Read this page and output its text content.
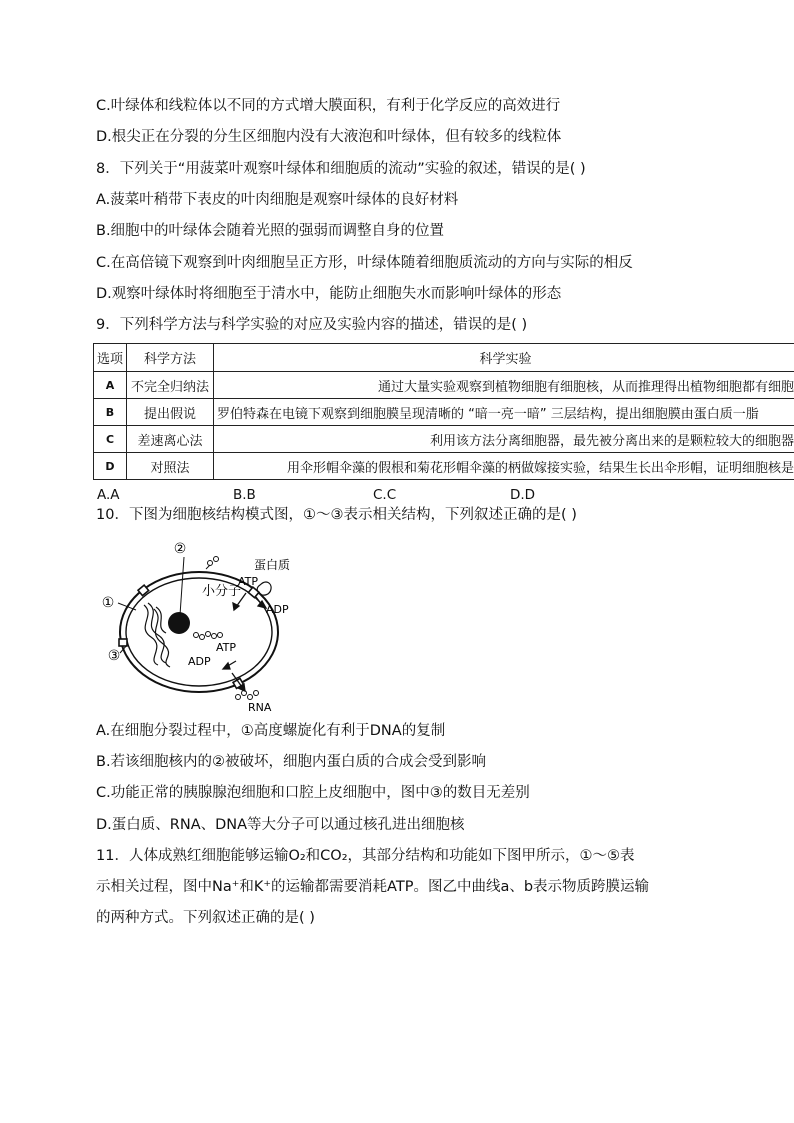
C.叶绿体和线粒体以不同的方式增大膜面积，有利于化学反应的高效进行
D.根尖正在分裂的分生区细胞内没有大液泡和叶绿体，但有较多的线粒体
8．下列关于“用菠菜叶观察叶绿体和细胞质的流动”实验的叙述，错误的是( )
A.菠菜叶稍带下表皮的叶肉细胞是观察叶绿体的良好材料
B.细胞中的叶绿体会随着光照的强弱而调整自身的位置
C.在高倍镜下观察到叶肉细胞呈正方形，叶绿体随着细胞质流动的方向与实际的相反
D.观察叶绿体时将细胞至于清水中，能防止细胞失水而影响叶绿体的形态
9．下列科学方法与科学实验的对应及实验内容的描述，错误的是( )
选项	科学方法	科学实验
A	不完全归纳法	通过大量实验观察到植物细胞有细胞核，从而推理得出植物细胞都有细胞
B	提出假说	罗伯特森在电镜下观察到细胞膜呈现清晰的 “暗一亮一暗” 三层结构，提出细胞膜由蛋白质一脂
C	差速离心法	利用该方法分离细胞器，最先被分离出来的是颗粒较大的细胞器
D	对照法	用伞形帽伞藻的假根和菊花形帽伞藻的柄做嫁接实验，结果生长出伞形帽，证明细胞核是
A.A	B.B	C.C	D.D
10．下图为细胞核结构模式图，①～③表示相关结构，下列叙述正确的是( )
②
①
③
蛋白质
小分子
ATP
ADP
ATP
ADP
RNA
A.在细胞分裂过程中，①高度螺旋化有利于DNA的复制
B.若该细胞核内的②被破坏，细胞内蛋白质的合成会受到影响
C.功能正常的胰腺腺泡细胞和口腔上皮细胞中，图中③的数目无差别
D.蛋白质、RNA、DNA等大分子可以通过核孔进出细胞核
11．人体成熟红细胞能够运输O₂和CO₂，其部分结构和功能如下图甲所示，①～⑤表
示相关过程，图中Na⁺和K⁺的运输都需要消耗ATP。图乙中曲线a、b表示物质跨膜运输
的两种方式。下列叙述正确的是( )
